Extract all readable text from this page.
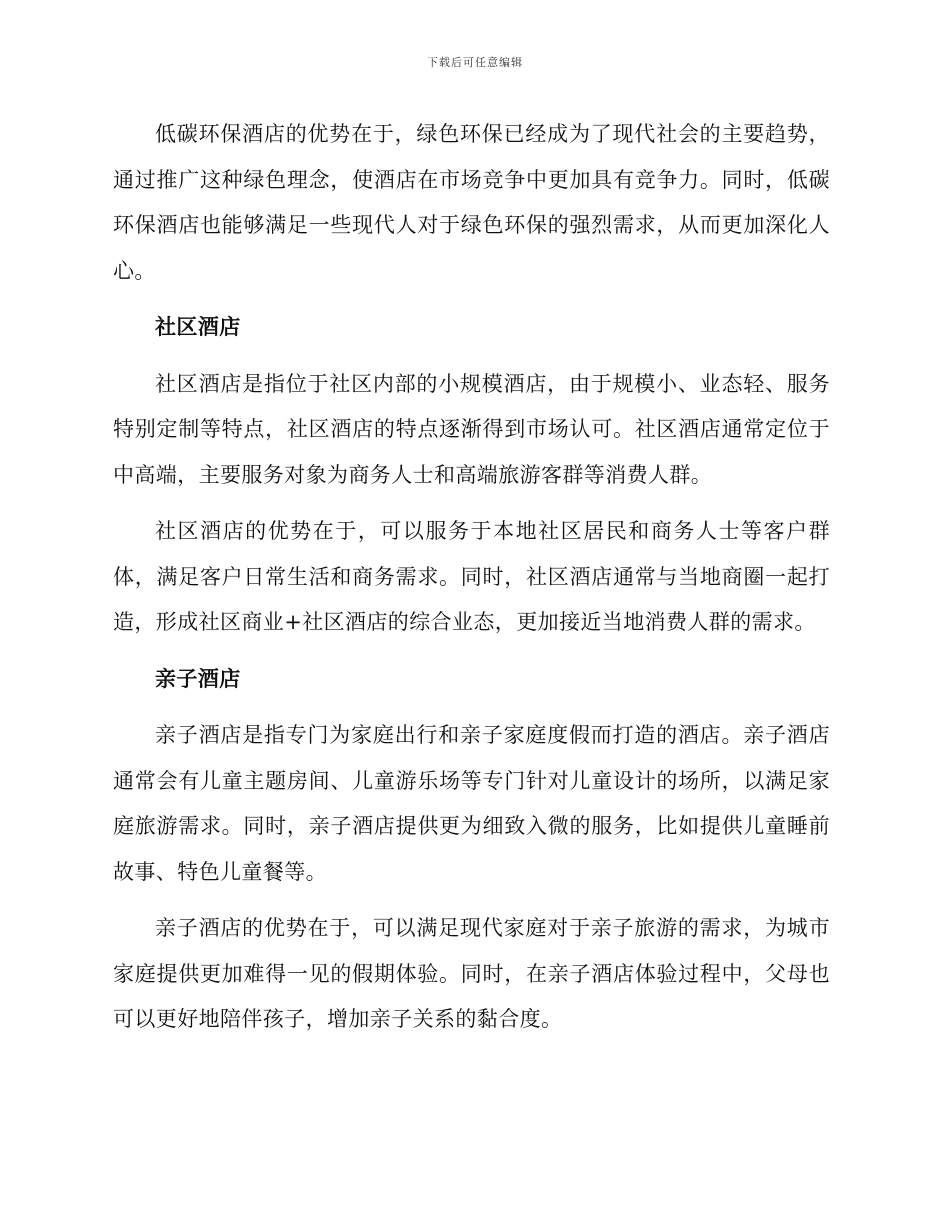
下载后可任意编辑

低碳环保酒店的优势在于，绿色环保已经成为了现代社会的主要趋势，通过推广这种绿色理念，使酒店在市场竞争中更加具有竞争力。同时，低碳环保酒店也能够满足一些现代人对于绿色环保的强烈需求，从而更加深化人心。

社区酒店

社区酒店是指位于社区内部的小规模酒店，由于规模小、业态轻、服务特别定制等特点，社区酒店的特点逐渐得到市场认可。社区酒店通常定位于中高端，主要服务对象为商务人士和高端旅游客群等消费人群。

社区酒店的优势在于，可以服务于本地社区居民和商务人士等客户群体，满足客户日常生活和商务需求。同时，社区酒店通常与当地商圈一起打造，形成社区商业+社区酒店的综合业态，更加接近当地消费人群的需求。

亲子酒店

亲子酒店是指专门为家庭出行和亲子家庭度假而打造的酒店。亲子酒店通常会有儿童主题房间、儿童游乐场等专门针对儿童设计的场所，以满足家庭旅游需求。同时，亲子酒店提供更为细致入微的服务，比如提供儿童睡前故事、特色儿童餐等。

亲子酒店的优势在于，可以满足现代家庭对于亲子旅游的需求，为城市家庭提供更加难得一见的假期体验。同时，在亲子酒店体验过程中，父母也可以更好地陪伴孩子，增加亲子关系的黏合度。
